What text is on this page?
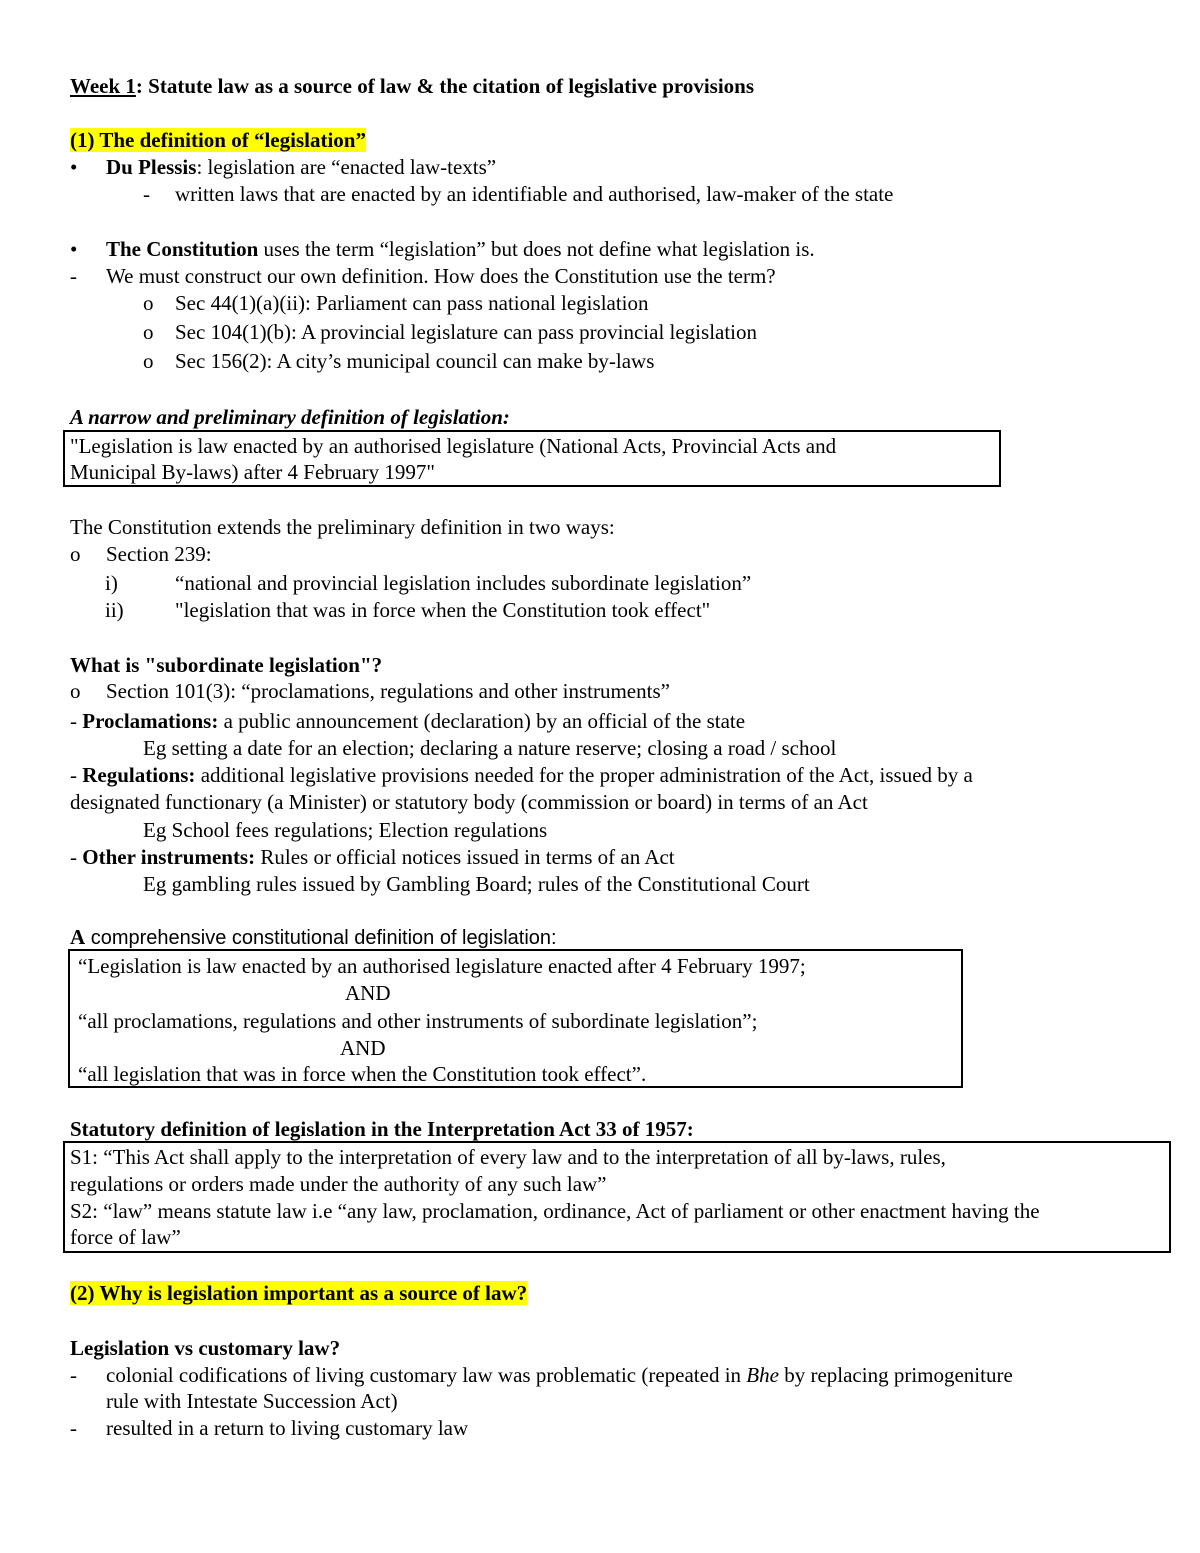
Week 1: Statute law as a source of law & the citation of legislative provisions
(1) The definition of “legislation”
• Du Plessis: legislation are “enacted law-texts”
- written laws that are enacted by an identifiable and authorised, law-maker of the state
• The Constitution uses the term “legislation” but does not define what legislation is.
- We must construct our own definition. How does the Constitution use the term?
o Sec 44(1)(a)(ii): Parliament can pass national legislation
o Sec 104(1)(b): A provincial legislature can pass provincial legislation
o Sec 156(2): A city’s municipal council can make by-laws
A narrow and preliminary definition of legislation:
"Legislation is law enacted by an authorised legislature (National Acts, Provincial Acts and
Municipal By-laws) after 4 February 1997"
The Constitution extends the preliminary definition in two ways:
o Section 239:
i)	“national and provincial legislation includes subordinate legislation”
ii) "legislation that was in force when the Constitution took effect"
What is "subordinate legislation"?
o Section 101(3): “proclamations, regulations and other instruments”
- Proclamations: a public announcement (declaration) by an official of the state
Eg setting a date for an election; declaring a nature reserve; closing a road / school
- Regulations: additional legislative provisions needed for the proper administration of the Act, issued by a
designated functionary (a Minister) or statutory body (commission or board) in terms of an Act
Eg School fees regulations; Election regulations
- Other instruments: Rules or official notices issued in terms of an Act
Eg gambling rules issued by Gambling Board; rules of the Constitutional Court
A comprehensive constitutional definition of legislation:
“Legislation is law enacted by an authorised legislature enacted after 4 February 1997;
AND
“all proclamations, regulations and other instruments of subordinate legislation”;
AND
“all legislation that was in force when the Constitution took effect”.
Statutory definition of legislation in the Interpretation Act 33 of 1957:
S1: “This Act shall apply to the interpretation of every law and to the interpretation of all by-laws, rules,
regulations or orders made under the authority of any such law”
S2: “law” means statute law i.e “any law, proclamation, ordinance, Act of parliament or other enactment having the
force of law”
(2) Why is legislation important as a source of law?
Legislation vs customary law?
- colonial codifications of living customary law was problematic (repeated in Bhe by replacing primogeniture
rule with Intestate Succession Act)
- resulted in a return to living customary law
